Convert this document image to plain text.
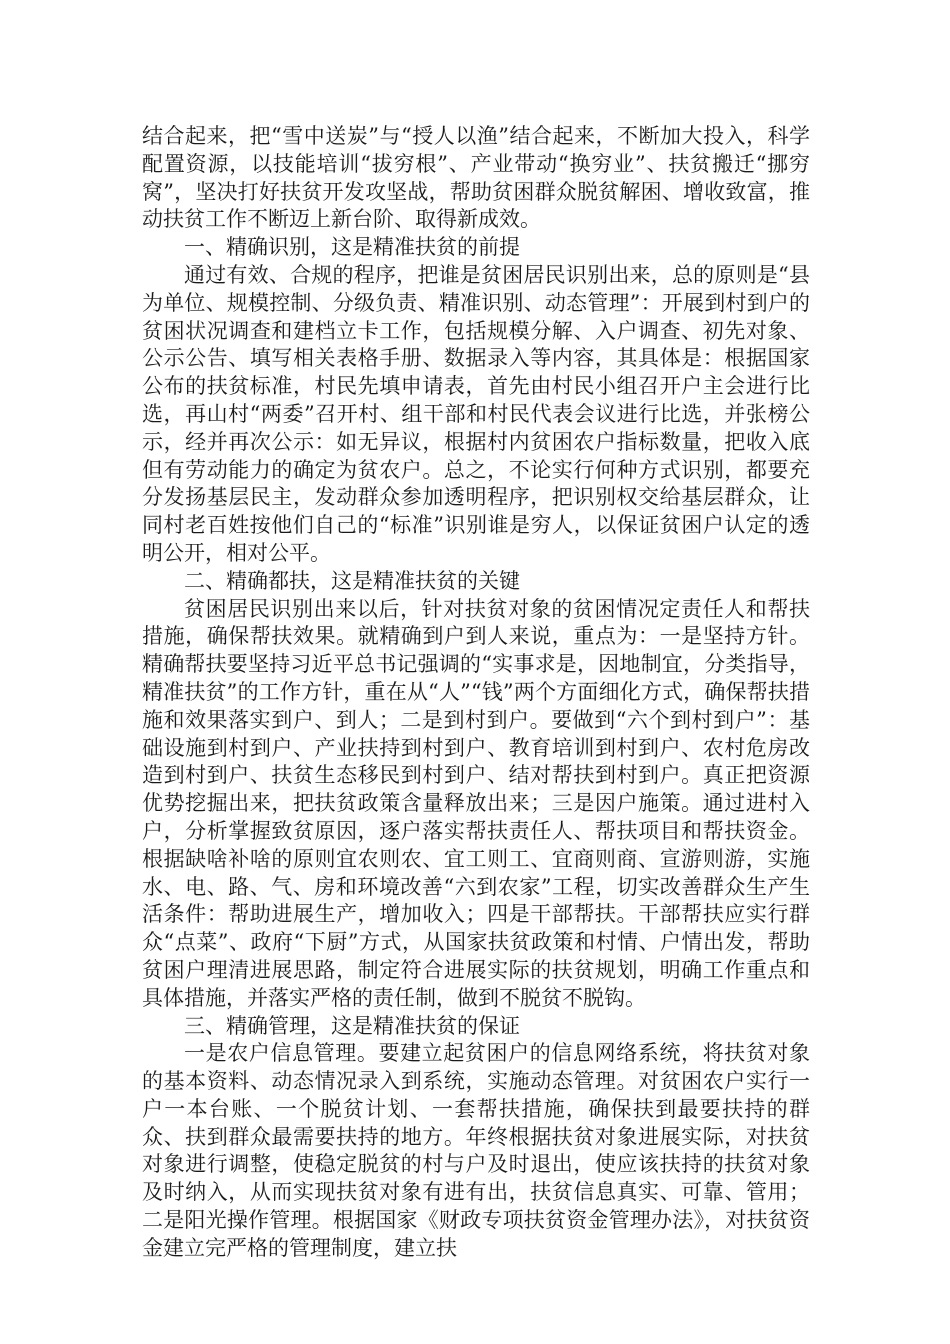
结合起来，把“雪中送炭”与“授人以渔”结合起来，不断加大投入，科学配置资源，以技能培训“拔穷根”、产业带动“换穷业”、扶贫搬迁“挪穷窝”，坚决打好扶贫开发攻坚战，帮助贫困群众脱贫解困、增收致富，推动扶贫工作不断迈上新台阶、取得新成效。

一、精确识别，这是精准扶贫的前提

通过有效、合规的程序，把谁是贫困居民识别出来，总的原则是“县为单位、规模控制、分级负责、精准识别、动态管理”：开展到村到户的贫困状况调查和建档立卡工作，包括规模分解、入户调查、初先对象、公示公告、填写相关表格手册、数据录入等内容，其具体是：根据国家公布的扶贫标准，村民先填申请表，首先由村民小组召开户主会进行比选，再山村“两委”召开村、组干部和村民代表会议进行比选，并张榜公示，经并再次公示：如无异议，根据村内贫困农户指标数量，把收入底但有劳动能力的确定为贫农户。总之，不论实行何种方式识别，都要充分发扬基层民主，发动群众参加透明程序，把识别权交给基层群众，让同村老百姓按他们自己的“标准”识别谁是穷人，以保证贫困户认定的透明公开，相对公平。

二、精确都扶，这是精准扶贫的关键

贫困居民识别出来以后，针对扶贫对象的贫困情况定责任人和帮扶措施，确保帮扶效果。就精确到户到人来说，重点为：一是坚持方针。精确帮扶要坚持习近平总书记强调的“实事求是，因地制宜，分类指导，精准扶贫”的工作方针，重在从“人”“钱”两个方面细化方式，确保帮扶措施和效果落实到户、到人；二是到村到户。要做到“六个到村到户”：基础设施到村到户、产业扶持到村到户、教育培训到村到户、农村危房改造到村到户、扶贫生态移民到村到户、结对帮扶到村到户。真正把资源优势挖掘出来，把扶贫政策含量释放出来；三是因户施策。通过进村入户，分析掌握致贫原因，逐户落实帮扶责任人、帮扶项目和帮扶资金。根据缺啥补啥的原则宜农则农、宜工则工、宜商则商、宣游则游，实施水、电、路、气、房和环境改善“六到农家”工程，切实改善群众生产生活条件：帮助进展生产，增加收入；四是干部帮扶。干部帮扶应实行群众“点菜”、政府“下厨”方式，从国家扶贫政策和村情、户情出发，帮助贫困户理清进展思路，制定符合进展实际的扶贫规划，明确工作重点和具体措施，并落实严格的责任制，做到不脱贫不脱钩。

三、精确管理，这是精准扶贫的保证

一是农户信息管理。要建立起贫困户的信息网络系统，将扶贫对象的基本资料、动态情况录入到系统，实施动态管理。对贫困农户实行一户一本台账、一个脱贫计划、一套帮扶措施，确保扶到最要扶持的群众、扶到群众最需要扶持的地方。年终根据扶贫对象进展实际，对扶贫对象进行调整，使稳定脱贫的村与户及时退出，使应该扶持的扶贫对象及时纳入，从而实现扶贫对象有进有出，扶贫信息真实、可靠、管用；二是阳光操作管理。根据国家《财政专项扶贫资金管理办法》，对扶贫资金建立完严格的管理制度，建立扶
